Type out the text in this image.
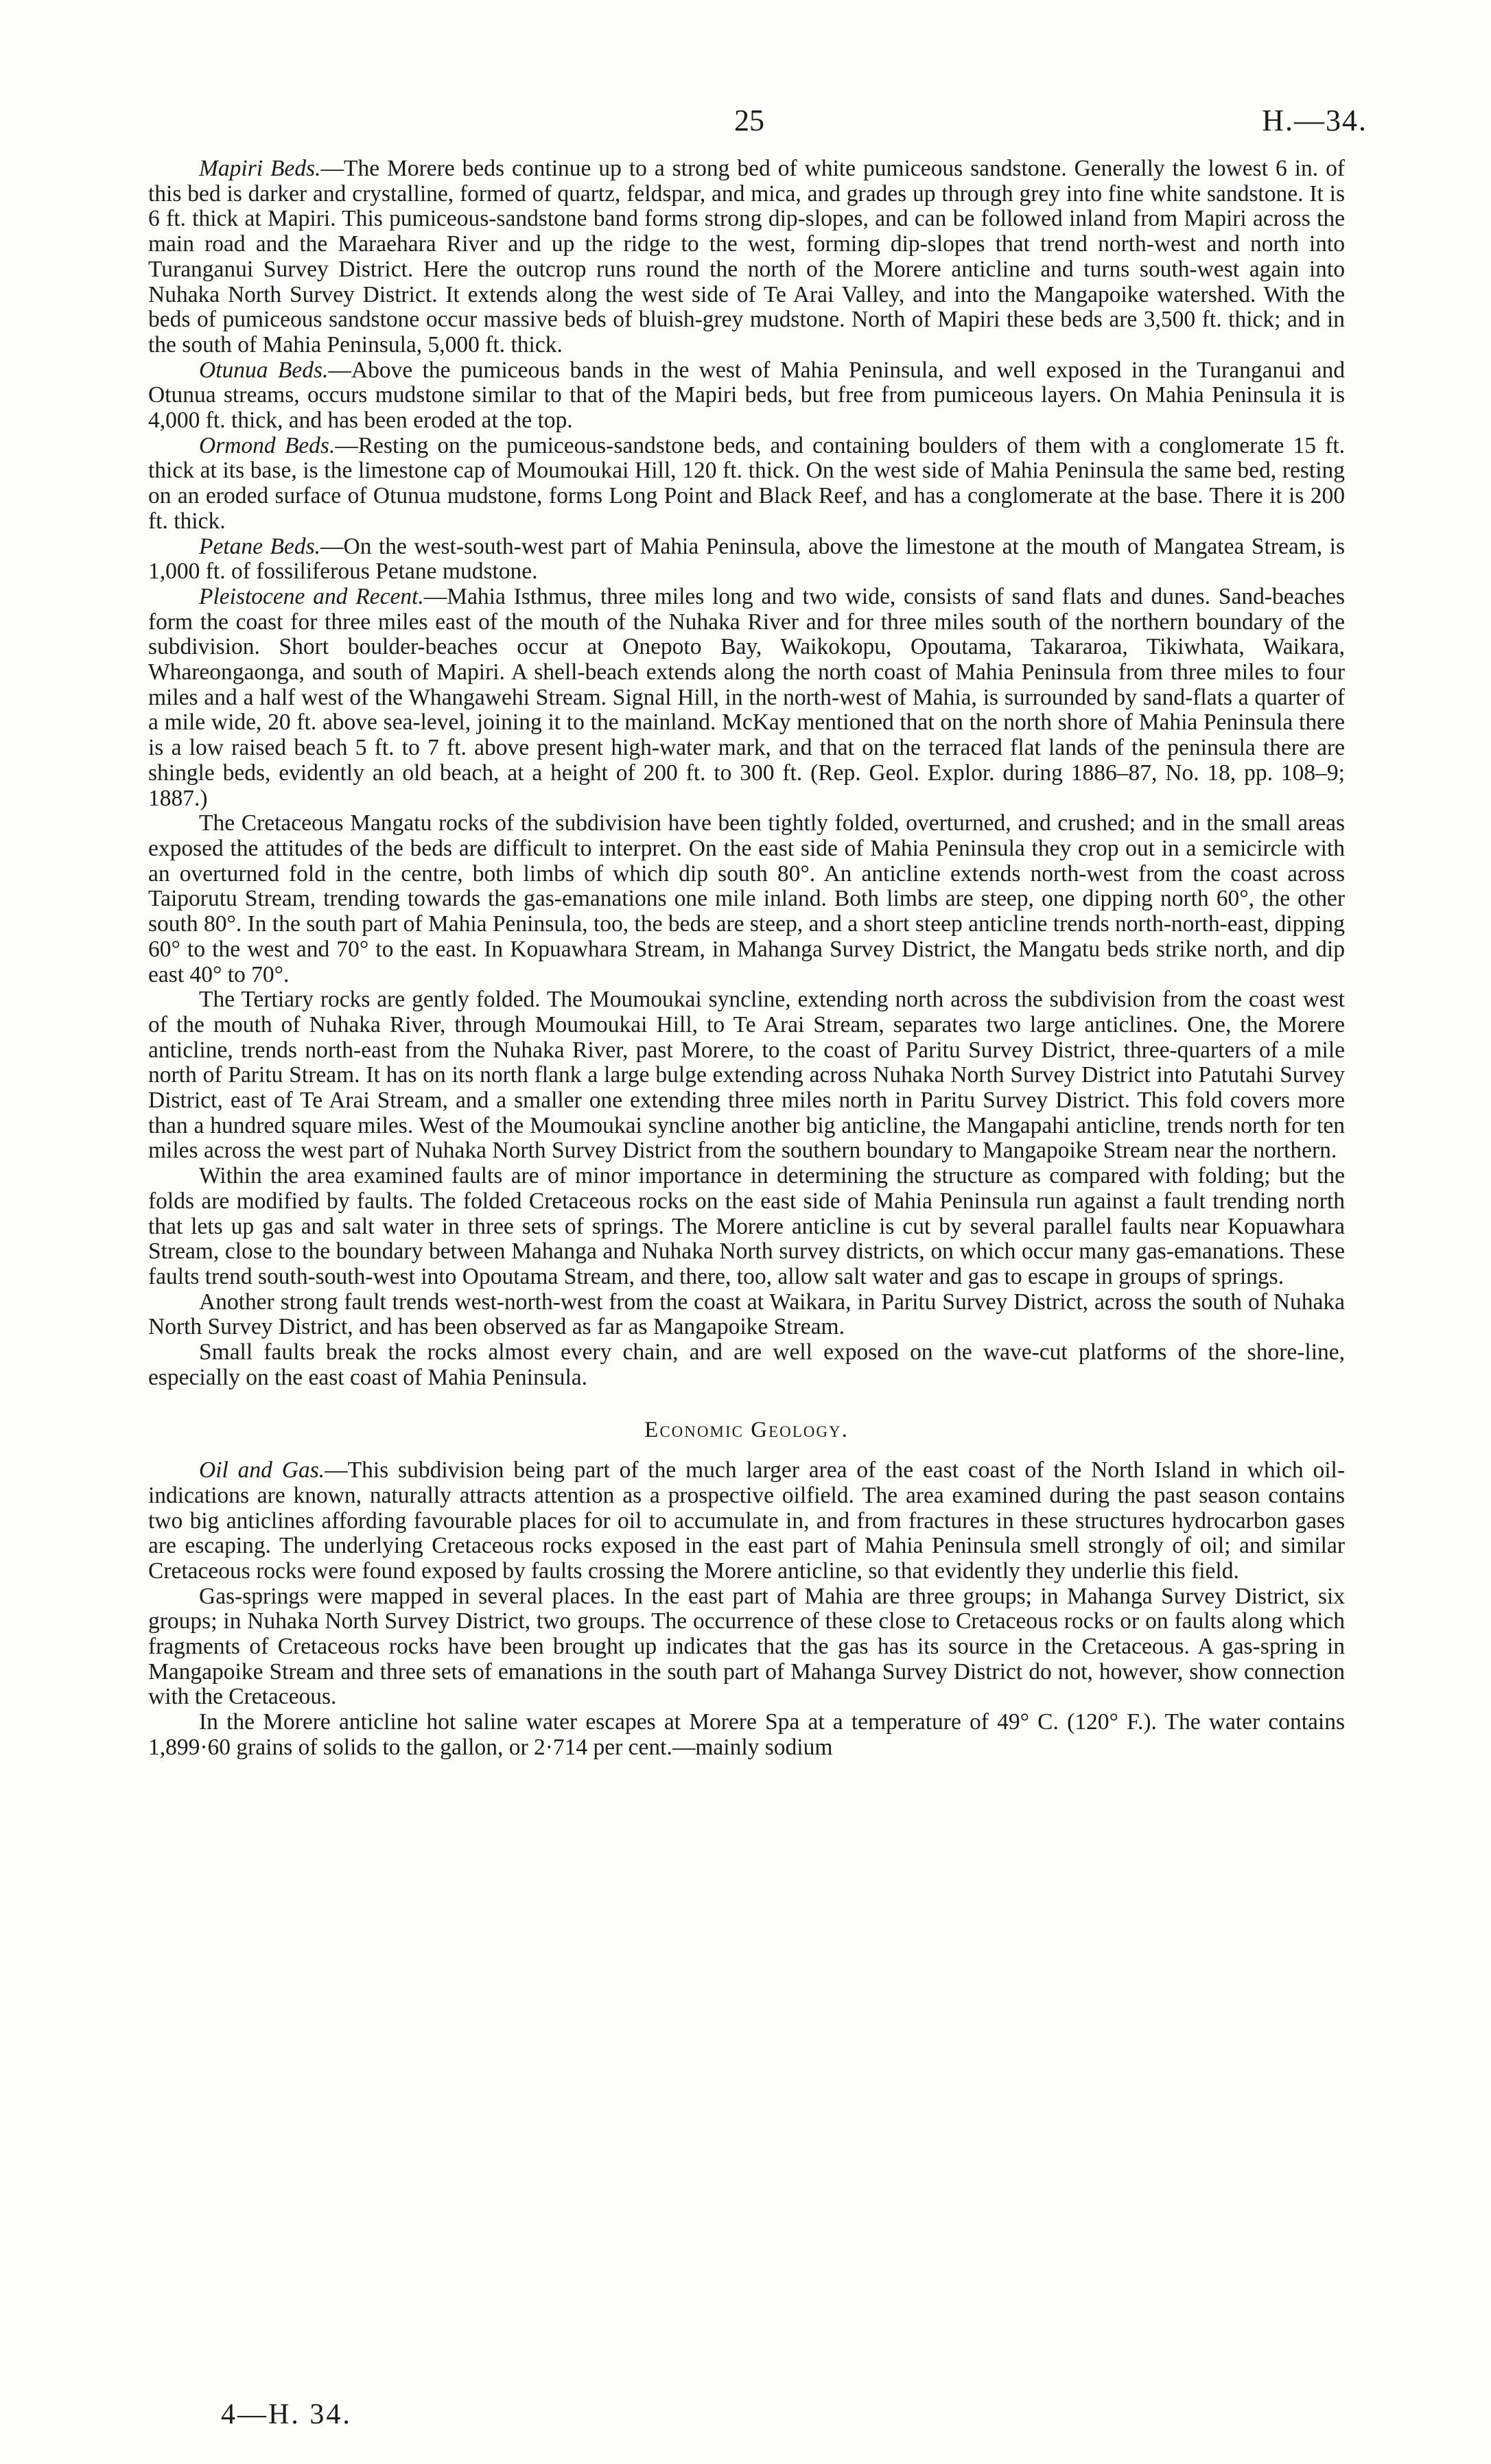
25	H.—34.

Mapiri Beds.—The Morere beds continue up to a strong bed of white pumiceous sandstone. Generally the lowest 6 in. of this bed is darker and crystalline, formed of quartz, feldspar, and mica, and grades up through grey into fine white sandstone. It is 6 ft. thick at Mapiri. This pumiceous-sandstone band forms strong dip-slopes, and can be followed inland from Mapiri across the main road and the Maraehara River and up the ridge to the west, forming dip-slopes that trend north-west and north into Turanganui Survey District. Here the outcrop runs round the north of the Morere anticline and turns south-west again into Nuhaka North Survey District. It extends along the west side of Te Arai Valley, and into the Mangapoike watershed. With the beds of pumiceous sandstone occur massive beds of bluish-grey mudstone. North of Mapiri these beds are 3,500 ft. thick; and in the south of Mahia Peninsula, 5,000 ft. thick.

Otunua Beds.—Above the pumiceous bands in the west of Mahia Peninsula, and well exposed in the Turanganui and Otunua streams, occurs mudstone similar to that of the Mapiri beds, but free from pumiceous layers. On Mahia Peninsula it is 4,000 ft. thick, and has been eroded at the top.

Ormond Beds.—Resting on the pumiceous-sandstone beds, and containing boulders of them with a conglomerate 15 ft. thick at its base, is the limestone cap of Moumoukai Hill, 120 ft. thick. On the west side of Mahia Peninsula the same bed, resting on an eroded surface of Otunua mudstone, forms Long Point and Black Reef, and has a conglomerate at the base. There it is 200 ft. thick.

Petane Beds.—On the west-south-west part of Mahia Peninsula, above the limestone at the mouth of Mangatea Stream, is 1,000 ft. of fossiliferous Petane mudstone.

Pleistocene and Recent.—Mahia Isthmus, three miles long and two wide, consists of sand flats and dunes. Sand-beaches form the coast for three miles east of the mouth of the Nuhaka River and for three miles south of the northern boundary of the subdivision. Short boulder-beaches occur at Onepoto Bay, Waikokopu, Opoutama, Takararoa, Tikiwhata, Waikara, Whareongaonga, and south of Mapiri. A shell-beach extends along the north coast of Mahia Peninsula from three miles to four miles and a half west of the Whangawehi Stream. Signal Hill, in the north-west of Mahia, is surrounded by sand-flats a quarter of a mile wide, 20 ft. above sea-level, joining it to the mainland. McKay mentioned that on the north shore of Mahia Peninsula there is a low raised beach 5 ft. to 7 ft. above present high-water mark, and that on the terraced flat lands of the peninsula there are shingle beds, evidently an old beach, at a height of 200 ft. to 300 ft. (Rep. Geol. Explor. during 1886–87, No. 18, pp. 108–9; 1887.)

The Cretaceous Mangatu rocks of the subdivision have been tightly folded, overturned, and crushed; and in the small areas exposed the attitudes of the beds are difficult to interpret. On the east side of Mahia Peninsula they crop out in a semicircle with an overturned fold in the centre, both limbs of which dip south 80°. An anticline extends north-west from the coast across Taiporutu Stream, trending towards the gas-emanations one mile inland. Both limbs are steep, one dipping north 60°, the other south 80°. In the south part of Mahia Peninsula, too, the beds are steep, and a short steep anticline trends north-north-east, dipping 60° to the west and 70° to the east. In Kopuawhara Stream, in Mahanga Survey District, the Mangatu beds strike north, and dip east 40° to 70°.

The Tertiary rocks are gently folded. The Moumoukai syncline, extending north across the subdivision from the coast west of the mouth of Nuhaka River, through Moumoukai Hill, to Te Arai Stream, separates two large anticlines. One, the Morere anticline, trends north-east from the Nuhaka River, past Morere, to the coast of Paritu Survey District, three-quarters of a mile north of Paritu Stream. It has on its north flank a large bulge extending across Nuhaka North Survey District into Patutahi Survey District, east of Te Arai Stream, and a smaller one extending three miles north in Paritu Survey District. This fold covers more than a hundred square miles. West of the Moumoukai syncline another big anticline, the Mangapahi anticline, trends north for ten miles across the west part of Nuhaka North Survey District from the southern boundary to Mangapoike Stream near the northern.

Within the area examined faults are of minor importance in determining the structure as compared with folding; but the folds are modified by faults. The folded Cretaceous rocks on the east side of Mahia Peninsula run against a fault trending north that lets up gas and salt water in three sets of springs. The Morere anticline is cut by several parallel faults near Kopuawhara Stream, close to the boundary between Mahanga and Nuhaka North survey districts, on which occur many gas-emanations. These faults trend south-south-west into Opoutama Stream, and there, too, allow salt water and gas to escape in groups of springs.

Another strong fault trends west-north-west from the coast at Waikara, in Paritu Survey District, across the south of Nuhaka North Survey District, and has been observed as far as Mangapoike Stream.

Small faults break the rocks almost every chain, and are well exposed on the wave-cut platforms of the shore-line, especially on the east coast of Mahia Peninsula.

Economic Geology.

Oil and Gas.—This subdivision being part of the much larger area of the east coast of the North Island in which oil-indications are known, naturally attracts attention as a prospective oilfield. The area examined during the past season contains two big anticlines affording favourable places for oil to accumulate in, and from fractures in these structures hydrocarbon gases are escaping. The underlying Cretaceous rocks exposed in the east part of Mahia Peninsula smell strongly of oil; and similar Cretaceous rocks were found exposed by faults crossing the Morere anticline, so that evidently they underlie this field.

Gas-springs were mapped in several places. In the east part of Mahia are three groups; in Mahanga Survey District, six groups; in Nuhaka North Survey District, two groups. The occurrence of these close to Cretaceous rocks or on faults along which fragments of Cretaceous rocks have been brought up indicates that the gas has its source in the Cretaceous. A gas-spring in Mangapoike Stream and three sets of emanations in the south part of Mahanga Survey District do not, however, show connection with the Cretaceous.

In the Morere anticline hot saline water escapes at Morere Spa at a temperature of 49° C. (120° F.). The water contains 1,899·60 grains of solids to the gallon, or 2·714 per cent.—mainly sodium

4—H. 34.
